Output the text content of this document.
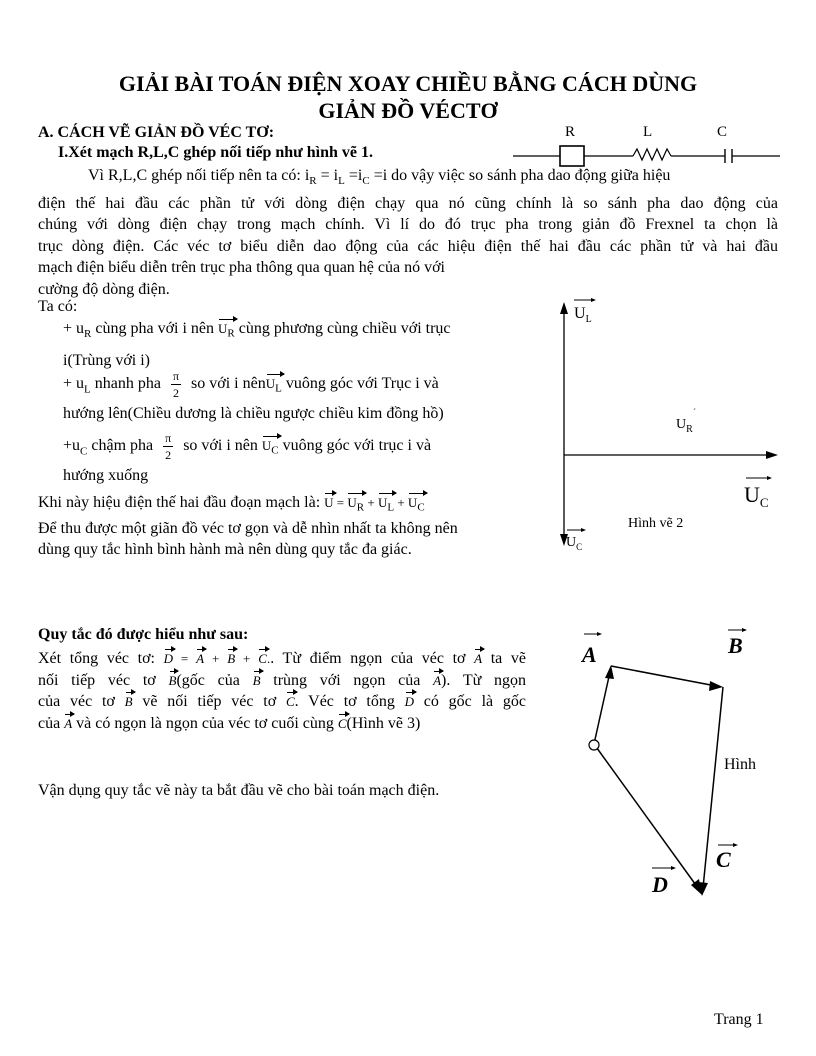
GIẢI BÀI TOÁN ĐIỆN XOAY CHIỀU BẰNG CÁCH DÙNG
GIẢN ĐỒ VÉCTƠ
A. CÁCH VẼ GIẢN ĐỒ VÉC TƠ:
I.Xét mạch R,L,C ghép nối tiếp như hình vẽ 1.
R	L	C
Vì R,L,C ghép nối tiếp nên ta có: $i_R = i_L =i_C =i$ do vậy việc so sánh pha dao động giữa hiệu
điện thế hai đầu các phần tử với dòng điện chạy qua nó cũng chính là so sánh pha dao động của
chúng với dòng điện chạy trong mạch chính. Vì lí do đó trục pha trong giản đồ Frexnel ta chọn là
trục dòng điện. Các véc tơ biểu diễn dao động của các hiệu điện thế hai đầu các phần tử và hai đầu
mạch điện biểu diễn trên trục pha thông qua quan hệ của nó với
cường độ dòng điện.
Ta có:
+ $u_R$ cùng pha với i nên $U_R$ cùng phương cùng chiều với trục
i(Trùng với i)
+ $u_L$ nhanh pha $\frac{\pi}{2}$ so với i nênU$_L$ vuông góc với Trục i và
hướng lên(Chiều dương là chiều ngược chiều kim đồng hồ)
$+u_C$ chậm pha $\frac{\pi}{2}$ so với i nên $U_C$ vuông góc với trục i và
hướng xuống
Khi này hiệu điện thế hai đầu đoạn mạch là: $U = U_R + U_L + U_C$
Để thu được một giãn đồ véc tơ gọn và dễ nhìn nhất ta không nên
dùng quy tắc hình bình hành mà nên dùng quy tắc đa giác.
$U_L$
$U_R$
´
$U_C$
Hình vẽ 2
$U_C$
Quy tắc đó được hiểu như sau:
Xét tổng véc tơ: D = A + B + C.. Từ điểm ngọn của véc tơ A ta vẽ
nối tiếp véc tơ B(gốc của B trùng với ngọn của A). Từ ngọn
của véc tơ B vẽ nối tiếp véc tơ C. Véc tơ tổng D có gốc là gốc
của A và có ngọn là ngọn của véc tơ cuối cùng C(Hình vẽ 3)
Vận dụng quy tắc vẽ này ta bắt đầu vẽ cho bài toán mạch điện.
A	B
C
D
Hình
Trang 1
